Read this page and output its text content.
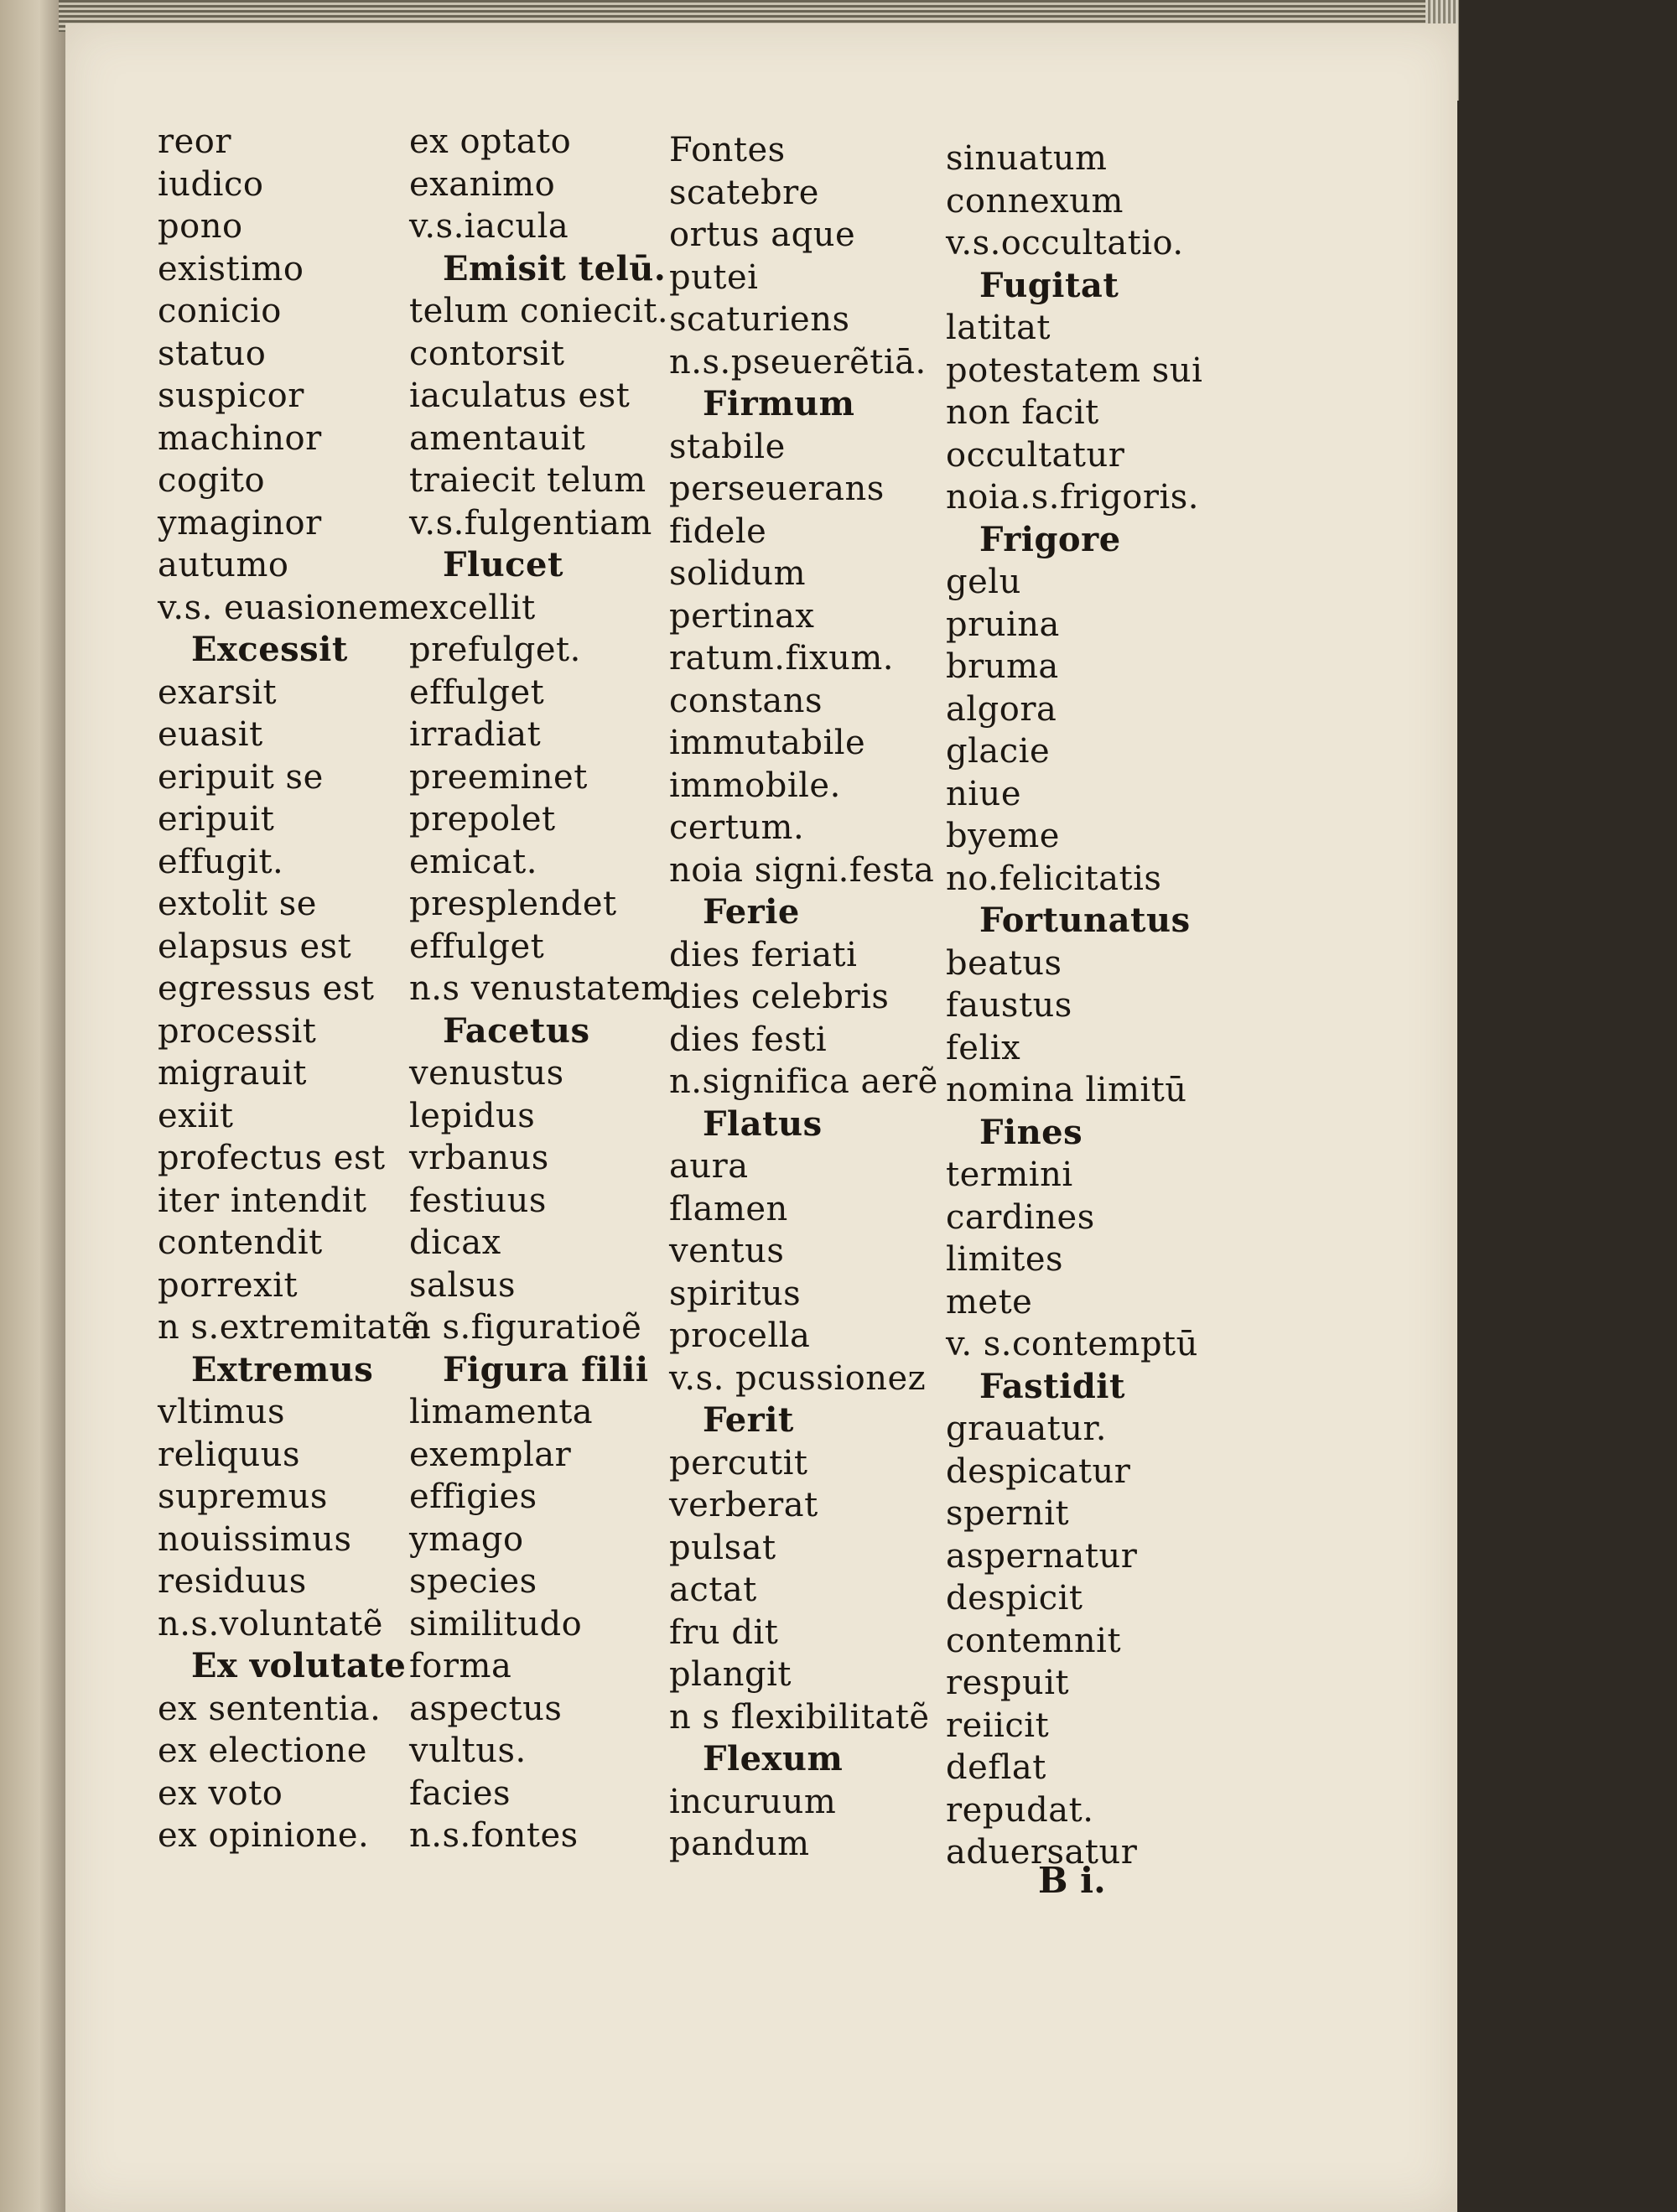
reor
iudico
pono
existimo
conicio
statuo
suspicor
machinor
cogito
ymaginor
autumo
v.s. euasionem
Excessit
exarsit
euasit
eripuit se
eripuit
effugit.
extolit se
elapsus est
egressus est
processit
migrauit
exiit
profectus est
iter intendit
contendit
porrexit
n s.extremitatẽ
Extremus
vltimus
reliquus
supremus
nouissimus
residuus
n.s.voluntatẽ
Ex volutate
ex sententia.
ex electione
ex voto
ex opinione.
ex optato
exanimo
v.s.iacula
Emisit telū.
telum coniecit.
contorsit
iaculatus est
amentauit
traiecit telum
v.s.fulgentiam
Flucet
excellit
prefulget.
effulget
irradiat
preeminet
prepolet
emicat.
presplendet
effulget
n.s venustatem
Facetus
venustus
lepidus
vrbanus
festiuus
dicax
salsus
n s.figuratioẽ
Figura filii
limamenta
exemplar
effigies
ymago
species
similitudo
forma
aspectus
vultus.
facies
n.s.fontes
Fontes
scatebre
ortus aque
putei
scaturiens
n.s.pseuerẽtiā.
Firmum
stabile
perseuerans
fidele
solidum
pertinax
ratum.fixum.
constans
immutabile
immobile.
certum.
noia signi.festa
Ferie
dies feriati
dies celebris
dies festi
n.significa aerẽ
Flatus
aura
flamen
ventus
spiritus
procella
v.s. pcussionez
Ferit
percutit
verberat
pulsat
actat
fru dit
plangit
n s flexibilitatẽ
Flexum
incuruum
pandum
sinuatum
connexum
v.s.occultatio.
Fugitat
latitat
potestatem sui
non facit
occultatur
noia.s.frigoris.
Frigore
gelu
pruina
bruma
algora
glacie
niue
byeme
no.felicitatis
Fortunatus
beatus
faustus
felix
nomina limitū
Fines
termini
cardines
limites
mete
v. s.contemptū
Fastidit
grauatur.
despicatur
spernit
aspernatur
despicit
contemnit
respuit
reiicit
deflat
repudat.
aduersatur
B i.
